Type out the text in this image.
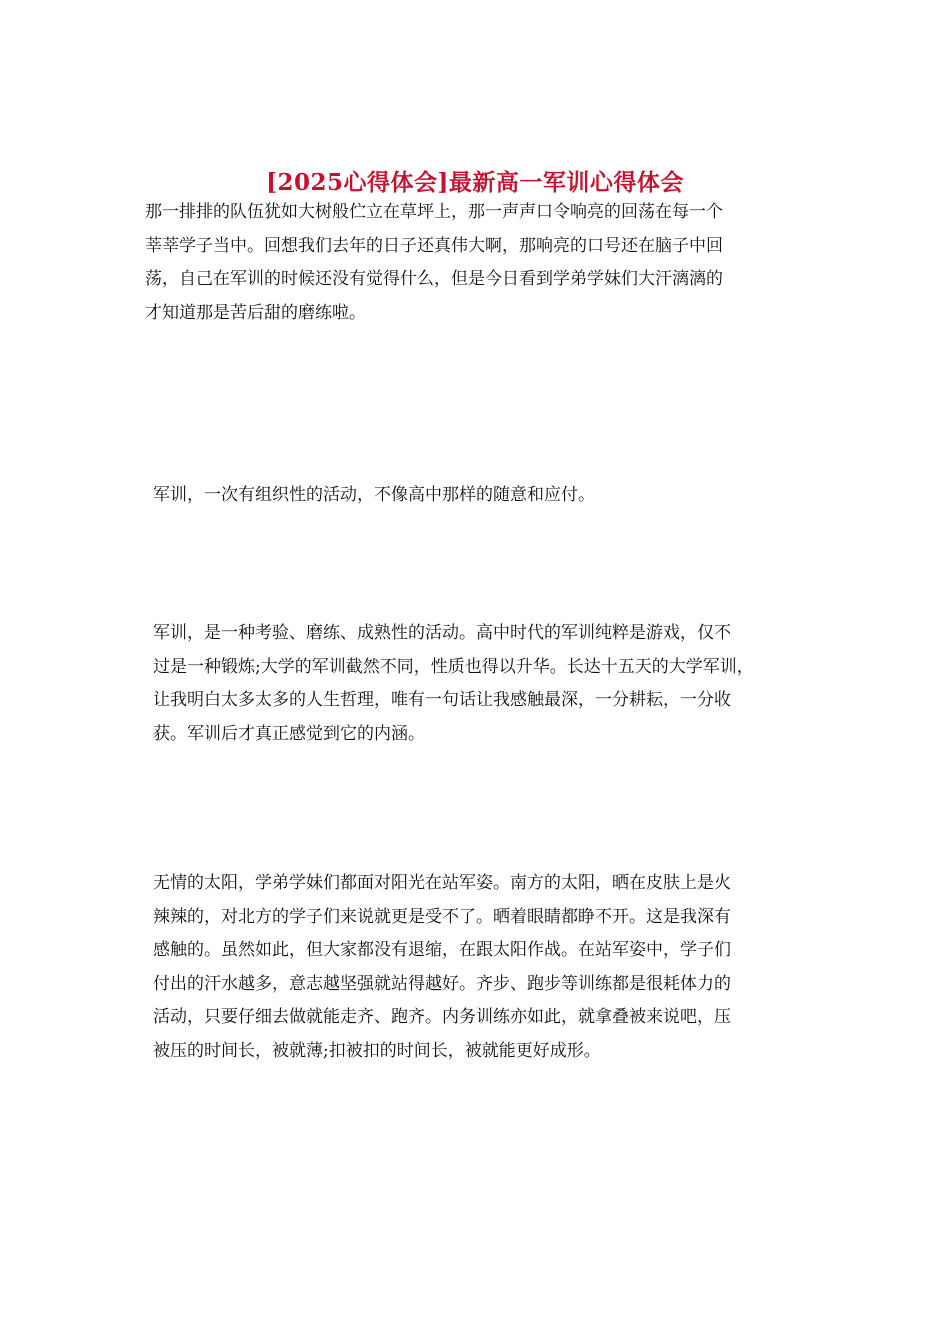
[2025心得体会]最新高一军训心得体会

那一排排的队伍犹如大树般伫立在草坪上，那一声声口令响亮的回荡在每一个
莘莘学子当中。回想我们去年的日子还真伟大啊，那响亮的口号还在脑子中回
荡，自己在军训的时候还没有觉得什么，但是今日看到学弟学妹们大汗漓漓的
才知道那是苦后甜的磨练啦。

军训，一次有组织性的活动，不像高中那样的随意和应付。

军训，是一种考验、磨练、成熟性的活动。高中时代的军训纯粹是游戏，仅不
过是一种锻炼;大学的军训截然不同，性质也得以升华。长达十五天的大学军训，
让我明白太多太多的人生哲理，唯有一句话让我感触最深，一分耕耘，一分收
获。军训后才真正感觉到它的内涵。

无情的太阳，学弟学妹们都面对阳光在站军姿。南方的太阳，晒在皮肤上是火
辣辣的，对北方的学子们来说就更是受不了。晒着眼睛都睁不开。这是我深有
感触的。虽然如此，但大家都没有退缩，在跟太阳作战。在站军姿中，学子们
付出的汗水越多，意志越坚强就站得越好。齐步、跑步等训练都是很耗体力的
活动，只要仔细去做就能走齐、跑齐。内务训练亦如此，就拿叠被来说吧，压
被压的时间长，被就薄;扣被扣的时间长，被就能更好成形。
